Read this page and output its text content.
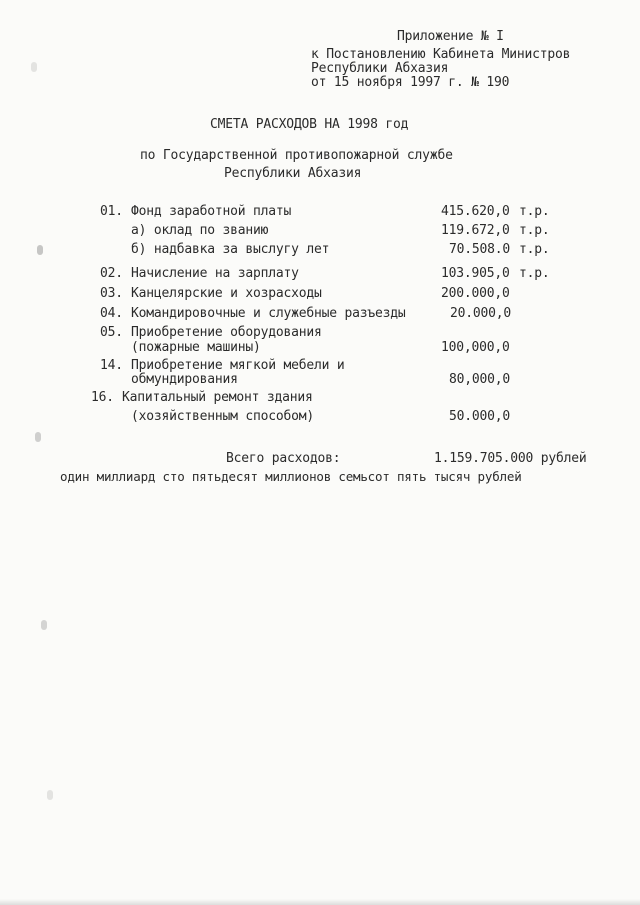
Приложение № I
к Постановлению Кабинета Министров
Республики Абхазия
от 15 ноября 1997 г. № 190
СМЕТА РАСХОДОВ НА 1998 год
по Государственной противопожарной службе
Республики Абхазия
01. Фонд заработной платы	415.620,0 т.р.
а) оклад по званию	119.672,0 т.р.
б) надбавка за выслугу лет	70.508.0 т.р.
02. Начисление на зарплату	103.905,0 т.р.
03. Канцелярские и хозрасходы	200.000,0
04. Командировочные и служебные разъезды	20.000,0
05. Приобретение оборудования
(пожарные машины)	100,000,0
14. Приобретение мягкой мебели и
обмундирования	80,000,0
16. Капитальный ремонт здания
(хозяйственным способом)	50.000,0
Всего расходов:	1.159.705.000 рублей
один миллиард сто пятьдесят миллионов семьсот пять тысяч рублей
